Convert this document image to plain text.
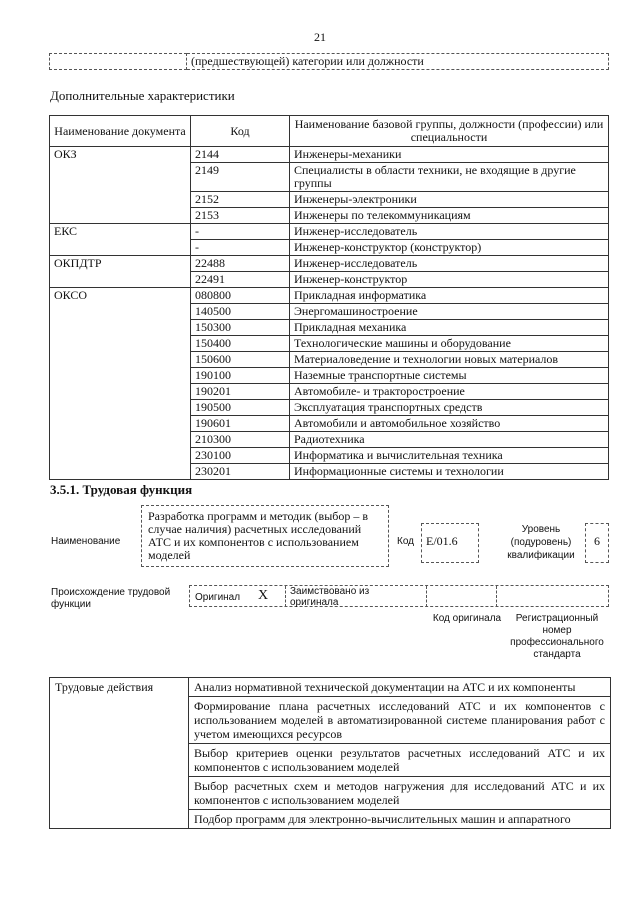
21
	(предшествующей) категории или должности
Дополнительные характеристики
Наименование документа	Код	Наименование базовой группы, должности (профессии) или специальности
ОКЗ	2144	Инженеры-механики
	2149	Специалисты в области техники, не входящие в другие группы
	2152	Инженеры-электроники
	2153	Инженеры по телекоммуникациям
ЕКС	-	Инженер-исследователь
	-	Инженер-конструктор (конструктор)
ОКПДТР	22488	Инженер-исследователь
	22491	Инженер-конструктор
ОКСО	080800	Прикладная информатика
	140500	Энергомашиностроение
	150300	Прикладная механика
	150400	Технологические машины и оборудование
	150600	Материаловедение и технологии новых материалов
	190100	Наземные транспортные системы
	190201	Автомобиле- и тракторостроение
	190500	Эксплуатация транспортных средств
	190601	Автомобили и автомобильное хозяйство
	210300	Радиотехника
	230100	Информатика и вычислительная техника
	230201	Информационные системы и технологии
3.5.1. Трудовая функция
Наименование
Разработка программ и методик (выбор – в случае наличия) расчетных исследований АТС и их компонентов с использованием моделей
Код Е/01.6
Уровень (подуровень) квалификации
6
Происхождение трудовой функции
Оригинал Х Заимствовано из оригинала
Код оригинала	Регистрационный номер профессионального стандарта
Трудовые действия	Анализ нормативной технической документации на АТС и их компоненты
Формирование плана расчетных исследований АТС и их компонентов с использованием моделей в автоматизированной системе планирования работ с учетом имеющихся ресурсов
Выбор критериев оценки результатов расчетных исследований АТС и их компонентов с использованием моделей
Выбор расчетных схем и методов нагружения для исследований АТС и их компонентов с использованием моделей
Подбор программ для электронно-вычислительных машин и аппаратного
